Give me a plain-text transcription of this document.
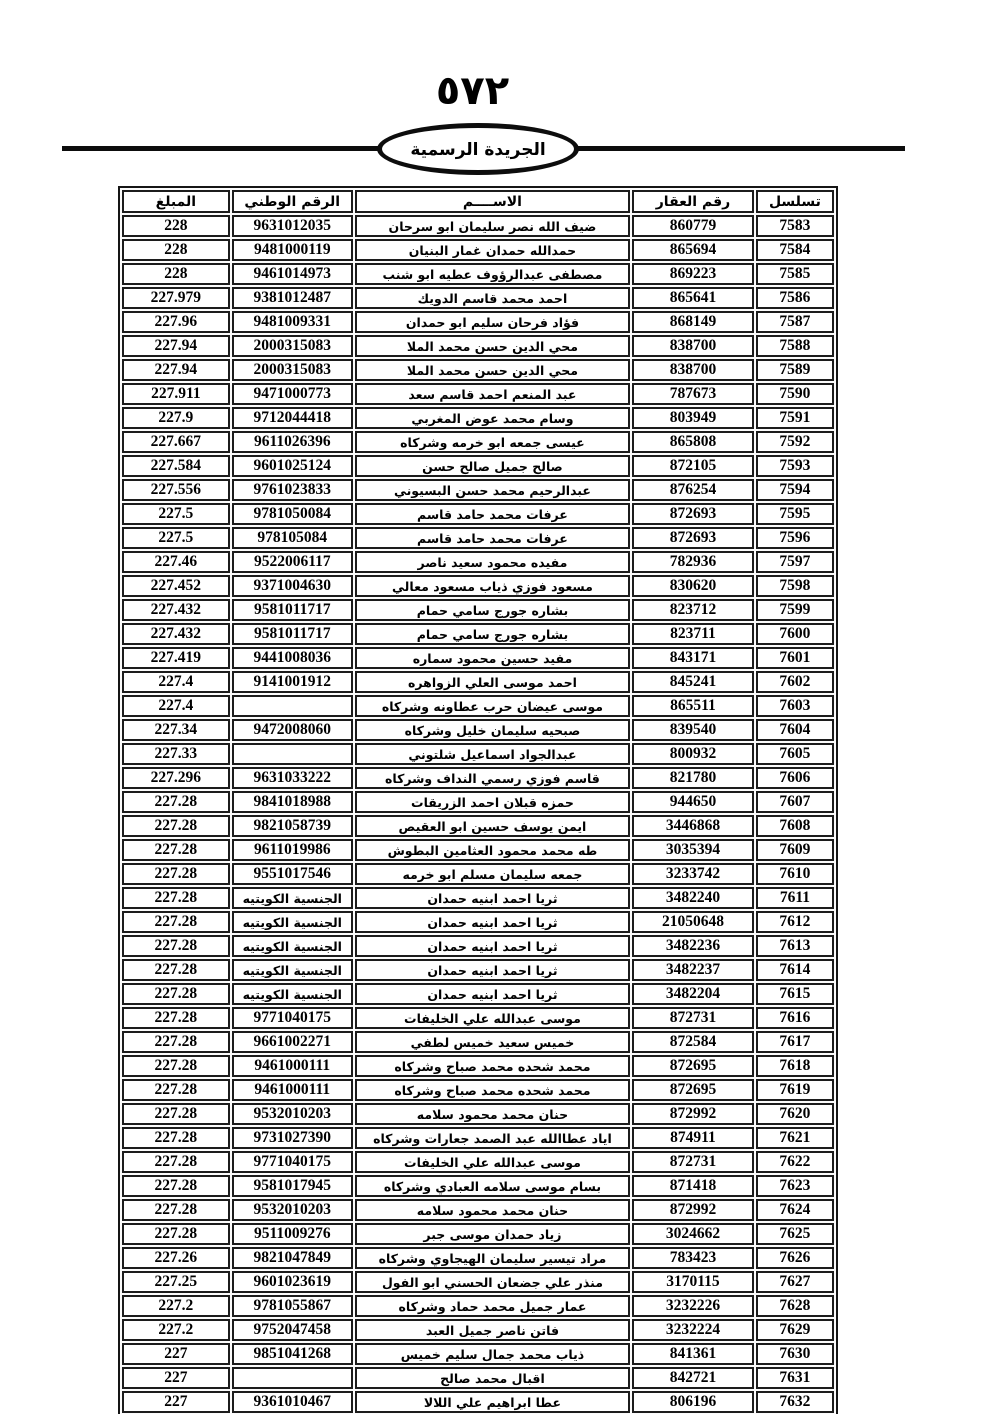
٥٧٢
الجريدة الرسمية
تسلسل	رقم العقار	الاســــم	الرقم الوطني	المبلغ
7583	860779	ضيف الله نصر سليمان ابو سرحان	9631012035	228
7584	865694	حمدالله حمدان غمار البنيان	9481000119	228
7585	869223	مصطفى عبدالرؤوف عطيه ابو شنب	9461014973	228
7586	865641	احمد محمد قاسم الدويك	9381012487	227.979
7587	868149	فؤاد فرحان سليم ابو حمدان	9481009331	227.96
7588	838700	محي الدين حسن محمد الملا	2000315083	227.94
7589	838700	محي الدين حسن محمد الملا	2000315083	227.94
7590	787673	عبد المنعم احمد قاسم سعد	9471000773	227.911
7591	803949	وسام محمد عوض المغربي	9712044418	227.9
7592	865808	عيسى جمعه ابو خرمه وشركاه	9611026396	227.667
7593	872105	صالح جميل صالح حسن	9601025124	227.584
7594	876254	عبدالرحيم محمد حسن البسيوني	9761023833	227.556
7595	872693	عرفات محمد حامد قاسم	9781050084	227.5
7596	872693	عرفات محمد حامد قاسم	978105084	227.5
7597	782936	مفيده محمود سعيد ناصر	9522006117	227.46
7598	830620	مسعود فوزي ذياب مسعود معالي	9371004630	227.452
7599	823712	بشاره جورج سامي حمام	9581011717	227.432
7600	823711	بشاره جورج سامي حمام	9581011717	227.432
7601	843171	مفيد حسين محمود سماره	9441008036	227.419
7602	845241	احمد موسى العلي الزواهره	9141001912	227.4
7603	865511	موسى عيضان حرب عطاونه وشركاه		227.4
7604	839540	صبحيه سليمان خليل وشركاه	9472008060	227.34
7605	800932	عبدالجواد اسماعيل شلتوني		227.33
7606	821780	قاسم فوزي رسمي النداف وشركاه	9631033222	227.296
7607	944650	حمزه قبلان احمد الزريقات	9841018988	227.28
7608	3446868	ايمن يوسف حسين ابو العقيص	9821058739	227.28
7609	3035394	طه محمد محمود العثامين البطوش	9611019986	227.28
7610	3233742	جمعه سليمان مسلم ابو خرمه	9551017546	227.28
7611	3482240	ثريا احمد ابنيه حمدان	الجنسية الكويتيه	227.28
7612	21050648	ثريا احمد ابنيه حمدان	الجنسية الكويتيه	227.28
7613	3482236	ثريا احمد ابنيه حمدان	الجنسية الكويتيه	227.28
7614	3482237	ثريا احمد ابنيه حمدان	الجنسية الكويتيه	227.28
7615	3482204	ثريا احمد ابنيه حمدان	الجنسية الكويتيه	227.28
7616	872731	موسى عبدالله علي الخليفات	9771040175	227.28
7617	872584	خميس سعيد خميس لطفي	9661002271	227.28
7618	872695	محمد شحده محمد صباح وشركاه	9461000111	227.28
7619	872695	محمد شحده محمد صباح وشركاه	9461000111	227.28
7620	872992	حنان محمد محمود سلامه	9532010203	227.28
7621	874911	اياد عطاالله عبد الصمد جعارات وشركاه	9731027390	227.28
7622	872731	موسى عبدالله علي الخليفات	9771040175	227.28
7623	871418	بسام موسى سلامه العبادي وشركاه	9581017945	227.28
7624	872992	حنان محمد محمود سلامه	9532010203	227.28
7625	3024662	زياد حمدان موسى جبر	9511009276	227.28
7626	783423	مراد تيسير سليمان الهيجاوي وشركاه	9821047849	227.26
7627	3170115	منذر علي جضعان الحسني ابو الفول	9601023619	227.25
7628	3232226	عمار جميل محمد حماد وشركاه	9781055867	227.2
7629	3232224	فاتن ناصر جميل العبد	9752047458	227.2
7630	841361	ذياب محمد جمال سليم خميس	9851041268	227
7631	842721	اقبال محمد صالح		227
7632	806196	عطا ابراهيم علي اللالا	9361010467	227
